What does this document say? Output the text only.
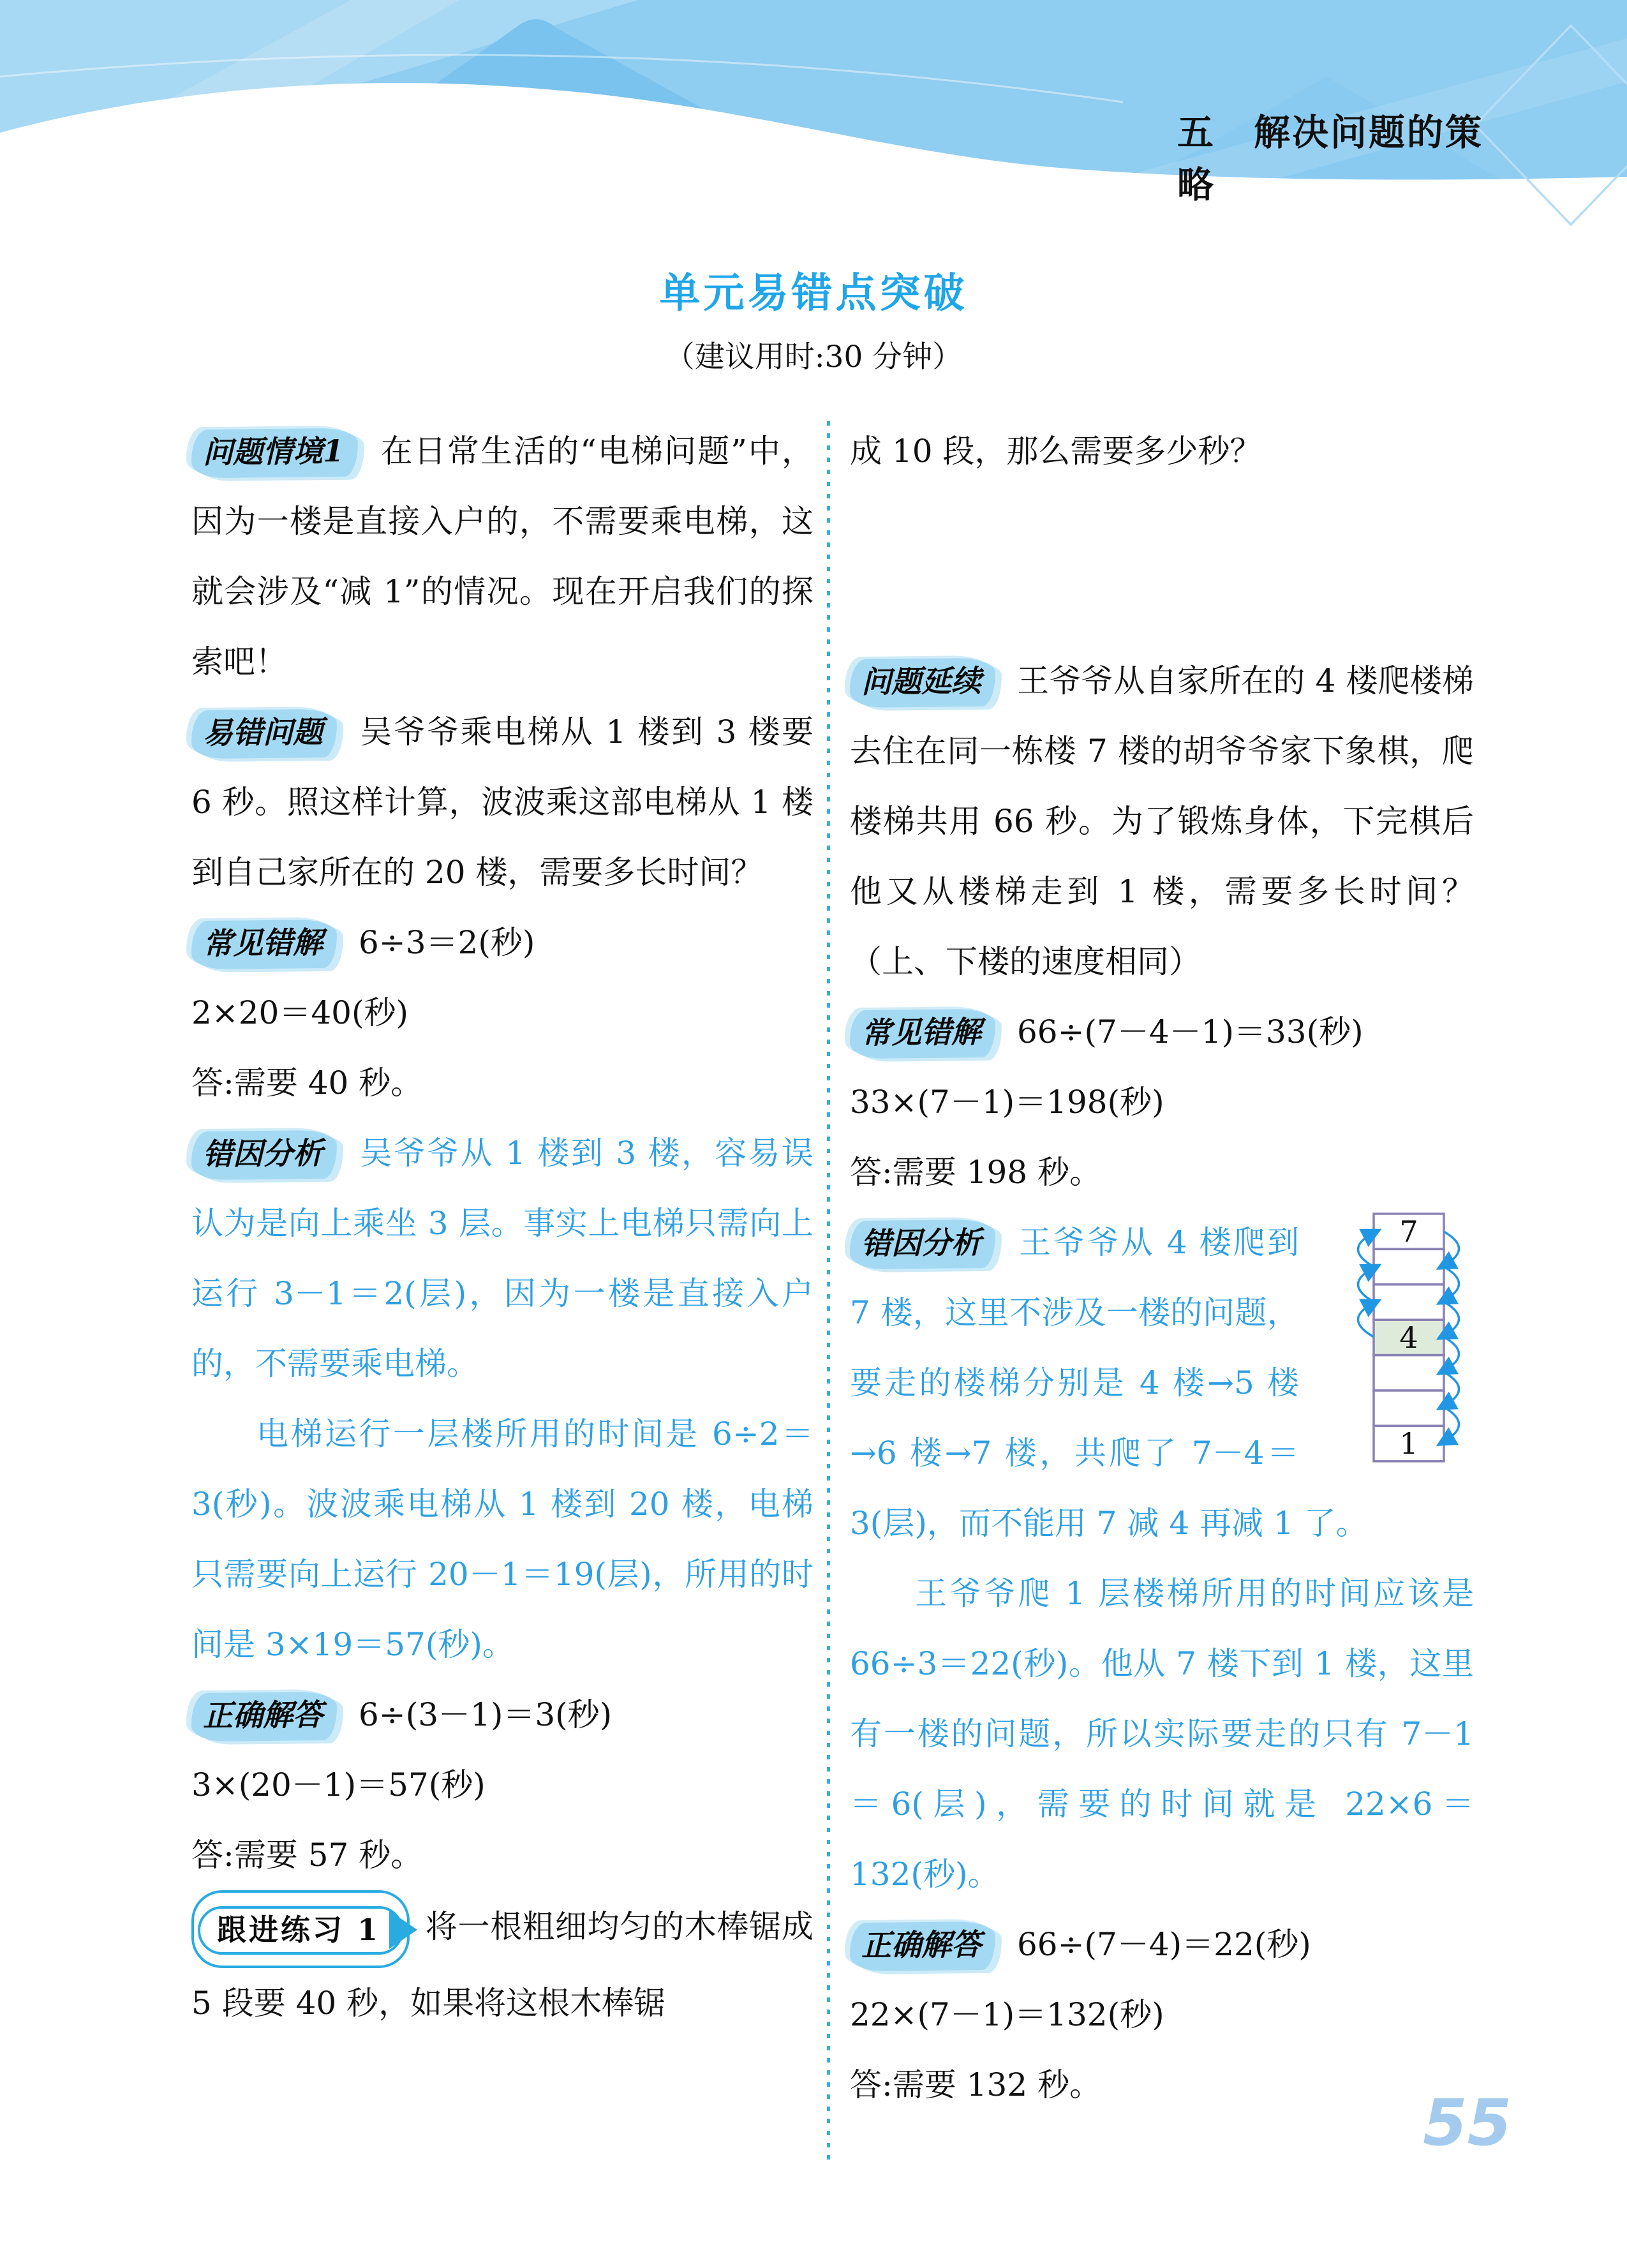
五　解决问题的策略
单元易错点突破
（建议用时:30 分钟）

问题情境1 在日常生活的“电梯问题”中，因为一楼是直接入户的，不需要乘电梯，这就会涉及“减 1”的情况。现在开启我们的探索吧！

易错问题 吴爷爷乘电梯从 1 楼到 3 楼要 6 秒。照这样计算，波波乘这部电梯从 1 楼到自己家所在的 20 楼，需要多长时间？

常见错解 6÷3＝2(秒)
2×20＝40(秒)
答:需要 40 秒。

错因分析 吴爷爷从 1 楼到 3 楼，容易误认为是向上乘坐 3 层。事实上电梯只需向上运行 3－1＝2(层)，因为一楼是直接入户的，不需要乘电梯。

电梯运行一层楼所用的时间是 6÷2＝3(秒)。波波乘电梯从 1 楼到 20 楼，电梯只需要向上运行 20－1＝19(层)，所用的时间是 3×19＝57(秒)。

正确解答 6÷(3－1)＝3(秒)
3×(20－1)＝57(秒)
答:需要 57 秒。

跟进练习 1 将一根粗细均匀的木棒锯成 5 段要 40 秒，如果将这根木棒锯

成 10 段，那么需要多少秒？

问题延续 王爷爷从自家所在的 4 楼爬楼梯去住在同一栋楼 7 楼的胡爷爷家下象棋，爬楼梯共用 66 秒。为了锻炼身体，下完棋后他又从楼梯走到 1 楼，需要多长时间？（上、下楼的速度相同）

常见错解 66÷(7－4－1)＝33(秒)
33×(7－1)＝198(秒)
答:需要 198 秒。

7
4
1
错因分析 王爷爷从 4 楼爬到 7 楼，这里不涉及一楼的问题，要走的楼梯分别是 4 楼→5 楼→6 楼→7 楼，共爬了 7－4＝3(层)，而不能用 7 减 4 再减 1 了。

王爷爷爬 1 层楼梯所用的时间应该是 66÷3＝22(秒)。他从 7 楼下到 1 楼，这里有一楼的问题，所以实际要走的只有 7－1＝6(层)，需要的时间就是 22×6＝132(秒)。

正确解答 66÷(7－4)＝22(秒)
22×(7－1)＝132(秒)
答:需要 132 秒。

55
